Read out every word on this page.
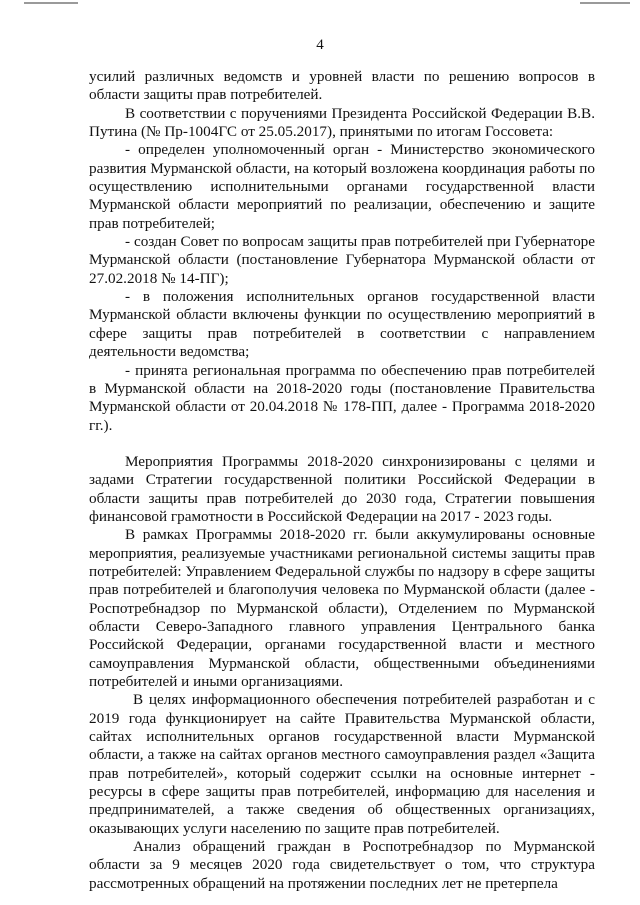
4

усилий различных ведомств и уровней власти по решению вопросов в области защиты прав потребителей.

В соответствии с поручениями Президента Российской Федерации В.В. Путина (№ Пр-1004ГС от 25.05.2017), принятыми по итогам Госсовета:

- определен уполномоченный орган - Министерство экономического развития Мурманской области, на который возложена координация работы по осуществлению исполнительными органами государственной власти Мурманской области мероприятий по реализации, обеспечению и защите прав потребителей;

- создан Совет по вопросам защиты прав потребителей при Губернаторе Мурманской области (постановление Губернатора Мурманской области от 27.02.2018 № 14-ПГ);

- в положения исполнительных органов государственной власти Мурманской области включены функции по осуществлению мероприятий в сфере защиты прав потребителей в соответствии с направлением деятельности ведомства;

- принята региональная программа по обеспечению прав потребителей в Мурманской области на 2018-2020 годы (постановление Правительства Мурманской области от 20.04.2018 № 178-ПП, далее - Программа 2018-2020 гг.).

Мероприятия Программы 2018-2020 синхронизированы с целями и задами Стратегии государственной политики Российской Федерации в области защиты прав потребителей до 2030 года, Стратегии повышения финансовой грамотности в Российской Федерации на 2017 - 2023 годы.

В рамках Программы 2018-2020 гг. были аккумулированы основные мероприятия, реализуемые участниками региональной системы защиты прав потребителей: Управлением Федеральной службы по надзору в сфере защиты прав потребителей и благополучия человека по Мурманской области (далее - Роспотребнадзор по Мурманской области), Отделением по Мурманской области Северо-Западного главного управления Центрального банка Российской Федерации, органами государственной власти и местного самоуправления Мурманской области, общественными объединениями потребителей и иными организациями.

В целях информационного обеспечения потребителей разработан и с 2019 года функционирует на сайте Правительства Мурманской области, сайтах исполнительных органов государственной власти Мурманской области, а также на сайтах органов местного самоуправления раздел «Защита прав потребителей», который содержит ссылки на основные интернет - ресурсы в сфере защиты прав потребителей, информацию для населения и предпринимателей, а также сведения об общественных организациях, оказывающих услуги населению по защите прав потребителей.

Анализ обращений граждан в Роспотребнадзор по Мурманской области за 9 месяцев 2020 года свидетельствует о том, что структура рассмотренных обращений на протяжении последних лет не претерпела
